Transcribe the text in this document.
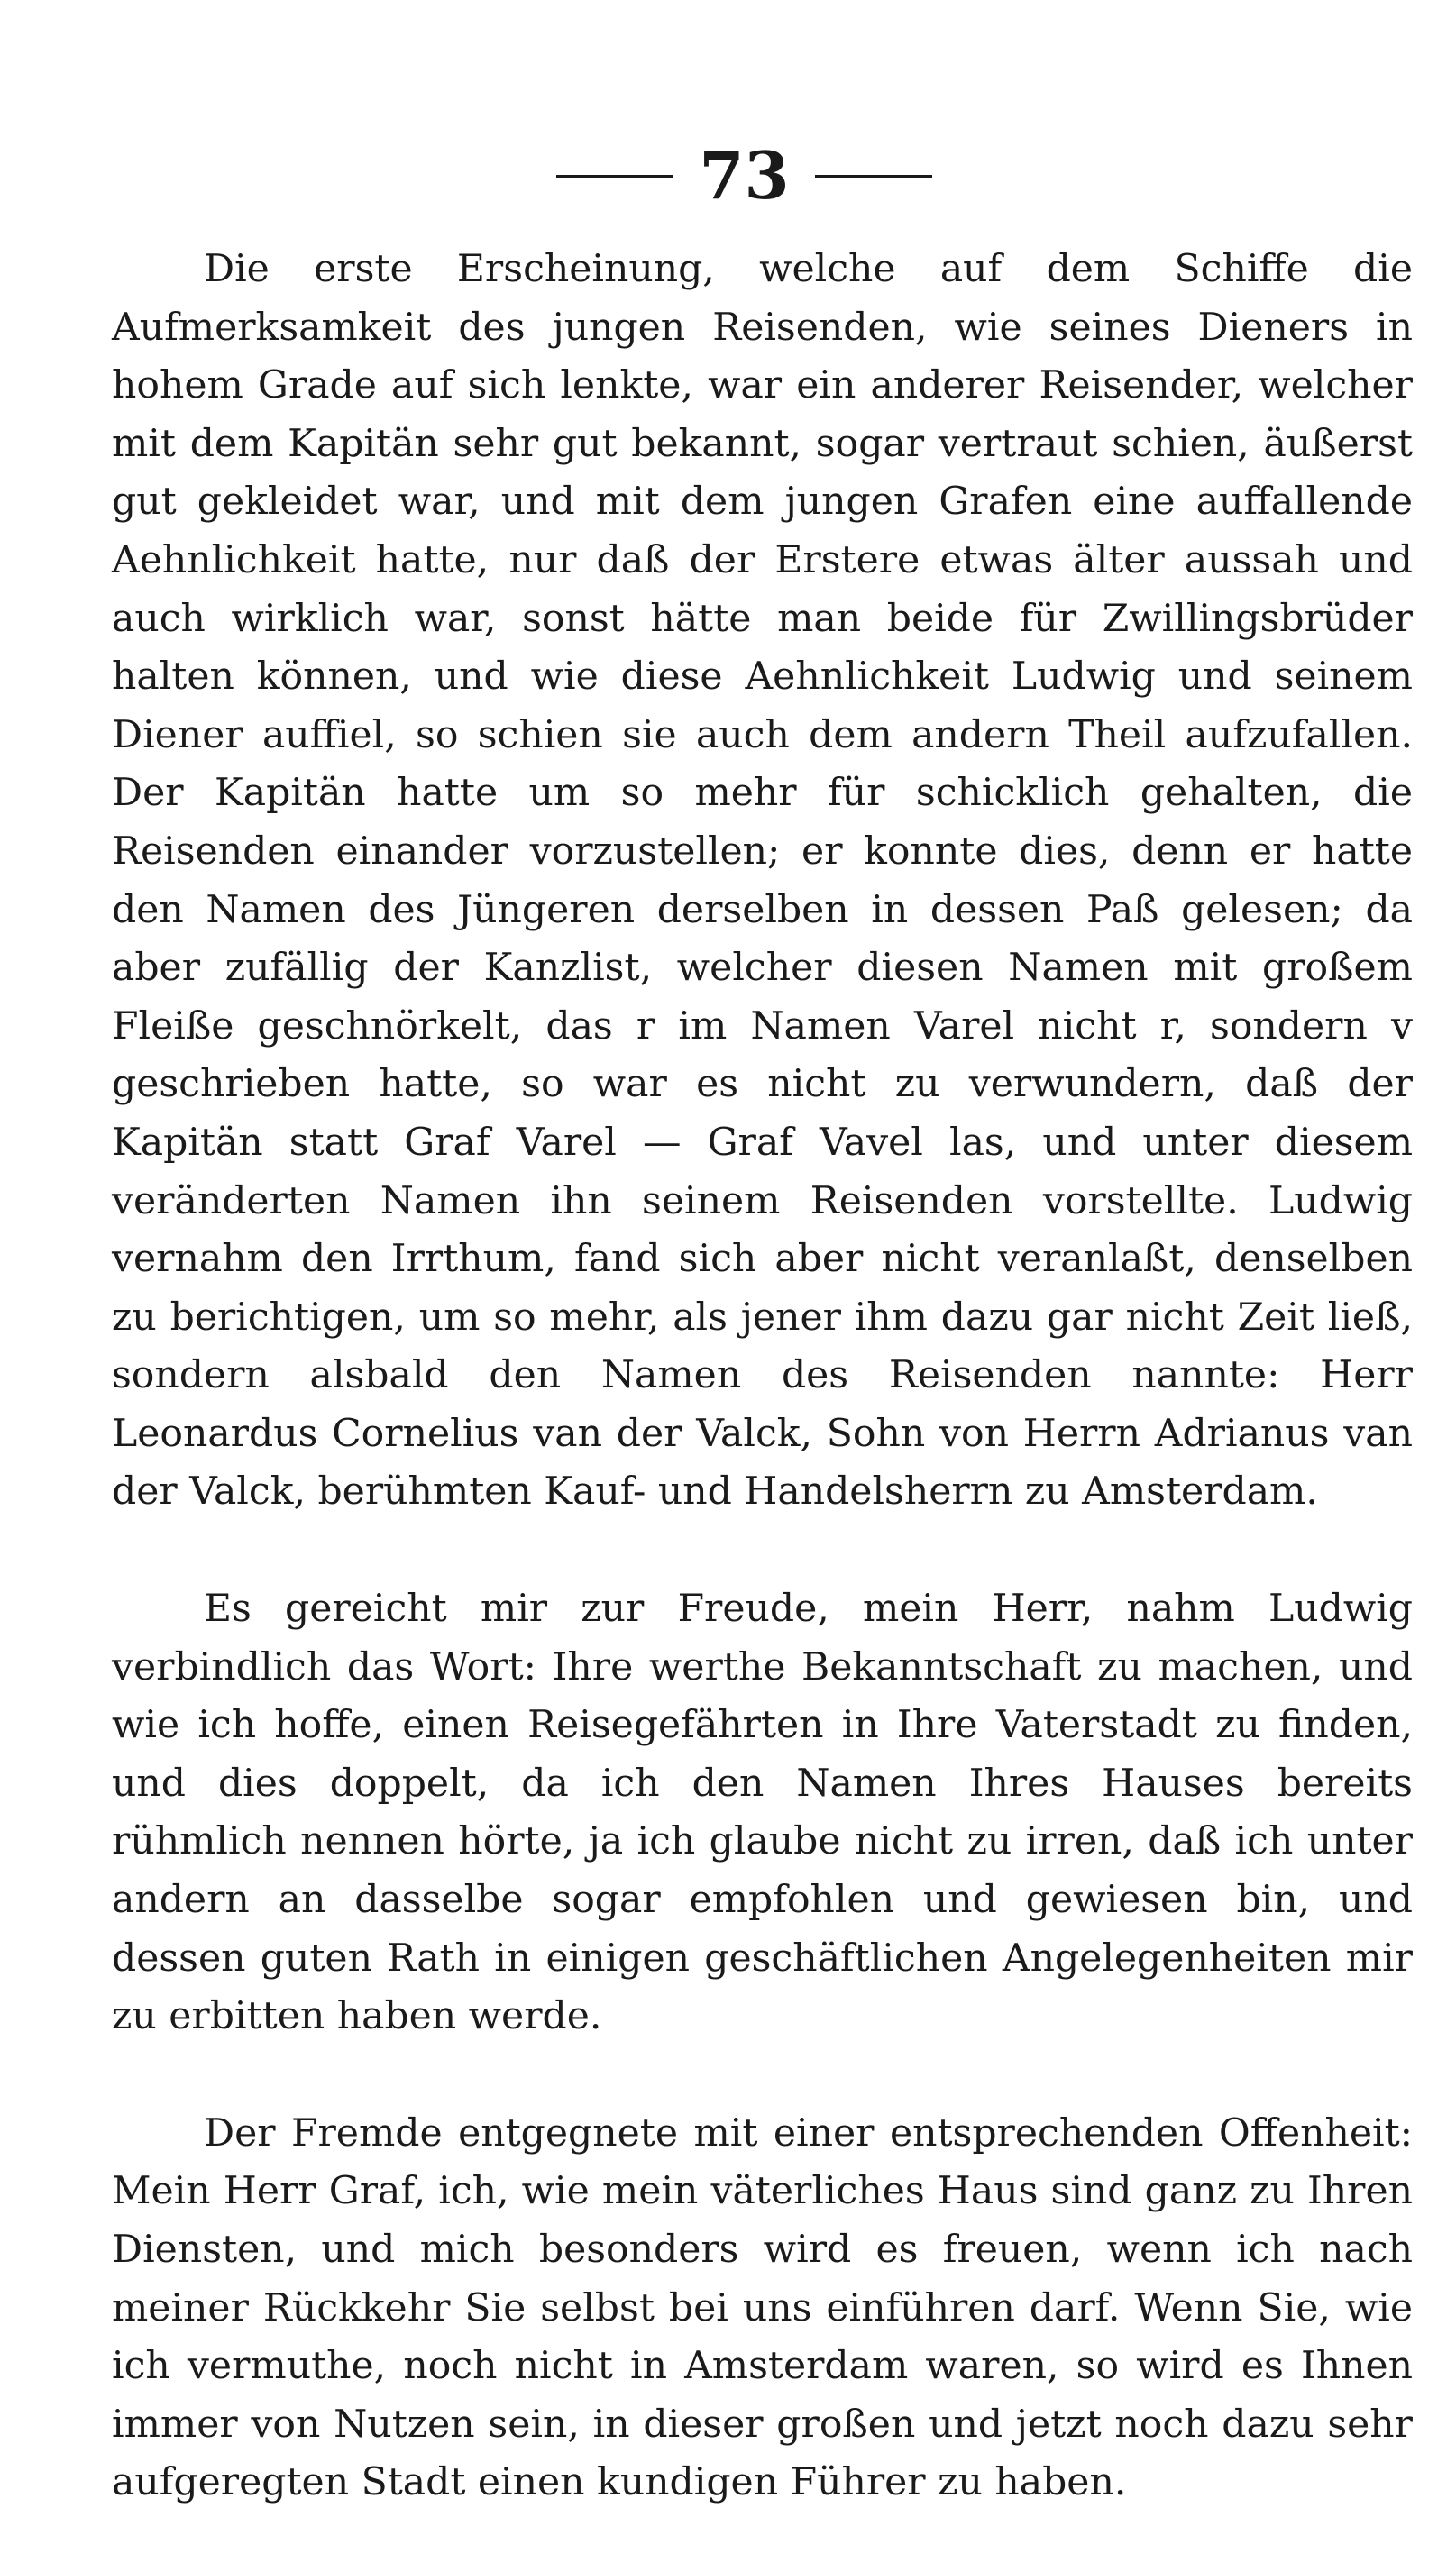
73

Die erste Erscheinung, welche auf dem Schiffe die Aufmerksamkeit des jungen Reisenden, wie seines Dieners in hohem Grade auf sich lenkte, war ein anderer Reisender, welcher mit dem Kapitän sehr gut bekannt, sogar vertraut schien, äußerst gut gekleidet war, und mit dem jungen Grafen eine auffallende Aehnlichkeit hatte, nur daß der Erstere etwas älter aussah und auch wirklich war, sonst hätte man beide für Zwillingsbrüder halten können, und wie diese Aehnlichkeit Ludwig und seinem Diener auffiel, so schien sie auch dem andern Theil aufzufallen. Der Kapitän hatte um so mehr für schicklich gehalten, die Reisenden einander vorzustellen; er konnte dies, denn er hatte den Namen des Jüngeren derselben in dessen Paß gelesen; da aber zufällig der Kanzlist, welcher diesen Namen mit großem Fleiße geschnörkelt, das r im Namen Varel nicht r, sondern v geschrieben hatte, so war es nicht zu verwundern, daß der Kapitän statt Graf Varel — Graf Vavel las, und unter diesem veränderten Namen ihn seinem Reisenden vorstellte. Ludwig vernahm den Irrthum, fand sich aber nicht veranlaßt, denselben zu berichtigen, um so mehr, als jener ihm dazu gar nicht Zeit ließ, sondern alsbald den Namen des Reisenden nannte: Herr Leonardus Cornelius van der Valck, Sohn von Herrn Adrianus van der Valck, berühmten Kauf- und Handelsherrn zu Amsterdam.

Es gereicht mir zur Freude, mein Herr, nahm Ludwig verbindlich das Wort: Ihre werthe Bekanntschaft zu machen, und wie ich hoffe, einen Reisegefährten in Ihre Vaterstadt zu finden, und dies doppelt, da ich den Namen Ihres Hauses bereits rühmlich nennen hörte, ja ich glaube nicht zu irren, daß ich unter andern an dasselbe sogar empfohlen und gewiesen bin, und dessen guten Rath in einigen geschäftlichen Angelegenheiten mir zu erbitten haben werde.

Der Fremde entgegnete mit einer entsprechenden Offenheit: Mein Herr Graf, ich, wie mein väterliches Haus sind ganz zu Ihren Diensten, und mich besonders wird es freuen, wenn ich nach meiner Rückkehr Sie selbst bei uns einführen darf. Wenn Sie, wie ich vermuthe, noch nicht in Amsterdam waren, so wird es Ihnen immer von Nutzen sein, in dieser großen und jetzt noch dazu sehr aufgeregten Stadt einen kundigen Führer zu haben.
